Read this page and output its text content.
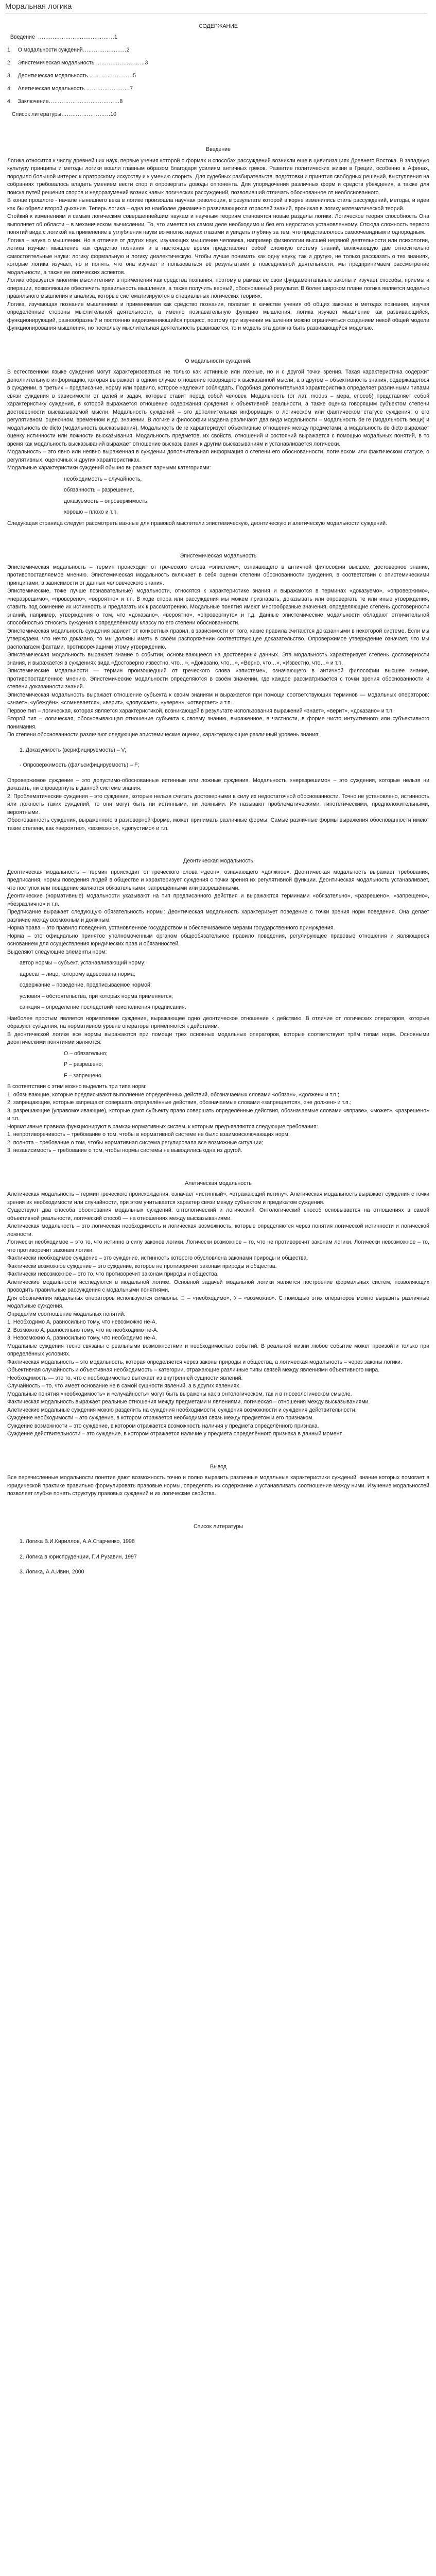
Моральная логика
СОДЕРЖАНИЕ
Введение  ……………………………………1
1.    О модальности суждений……………………2
2.    Эпистемическая модальность ………………………3
3.    Деонтическая модальность ……………………5
4.    Алетическая модальность ……………………7
4.    Заключение…………………………………8
Список литературы………………………10
Введение

Логика относится к числу древнейших наук, первые учения которой о формах и способах рассуждений возникли еще в цивилизациях Древнего Востока. В западную культуру принципы и методы логики вошли главным образом благодаря усилиям античных греков. Развитие политических жизни в Греции, особенно в Афинах, породило большой интерес к ораторскому искусству и к умению спорить. Для судебных разбирательств, подготовки и принятия свободных решений, выступления на собраниях требовалось владеть умением вести спор и опровергать доводы оппонента. Для упорядочения различных форм и средств убеждения, а также для поиска путей решения споров и недоразумений возник навык логических рассуждений, позволивший отличать обоснованное от необоснованного.

В конце прошлого - начале нынешнего века в логике произошла научная революция, в результате которой в корне изменились стиль рассуждений, методы, и идеи как бы обрели второй дыхание. Теперь логика – одна из наиболее динамично развивающихся отраслей знаний, проникая в логику математической теорий.

Стойкий к изменениям и самым логическим совершеннейшим наукам и научным теориям становятся новые разделы логики. Логическое теория способность Она выполняет об области – в механическом вычислении. То, что имеется на самом деле необходимо и без его недостатка установленному. Отсюда сложность первого понятий вида с логикой на применение в углубления науки во многих науках глазами и увидеть глубину за тем, что представлялось самоочевидным и однородным.

Логика – наука о мышлении. Но в отличие от других наук, изучающих мышление человека, например физиологии высшей нервной деятельности или психологии, логика изучает мышление как средство познания и в настоящее время представляет собой сложную систему знаний, включающую две относительно самостоятельные науки: логику формальную и логику диалектическую. Чтобы лучше понимать как одну науку, так и другую, не только рассказать о тех знаниях, которые логика изучает, но и понять, что она изучает и пользоваться её результатами в повседневной деятельности, мы предпринимаем рассмотрение модальности, а также ее логических аспектов.

Логика образуется многими мыслителями в применении как средства познания, поэтому в рамках ее свои фундаментальные законы и изучает способы, приемы и операции, позволяющие обеспечить правильность мышления, а также получить верный, обоснованный результат. В более широком плане логика является моделью правильного мышления и анализа, которые систематизируются в специальных логических теориях.

Логика, изучающая познание мышлением и применяемая как средство познания, полагает в качестве учения об общих законах и методах познания, изучая определённые стороны мыслительной деятельности, а именно познавательную функцию мышления, логика изучает мышление как развивающийся, функционирующий, разнообразный и постоянно видоизменяющийся процесс, поэтому при изучении мышления можно ограничиться созданием некой общей модели функционирования мышления, но поскольку мыслительная деятельность развивается, то и модель эта должна быть развивающейся моделью.

О модальности суждений.

В естественном языке суждения могут характеризоваться не только как истинные или ложные, но и с другой точки зрения. Такая характеристика содержит дополнительную информацию, которая выражает в одном случае отношение говорящего к высказанной мысли, а в другом – объективность знания, содержащегося в суждении, в третьих – предписание, норму или правило, которое надлежит соблюдать. Подобная дополнительная характеристика определяет различными типами связи суждения в зависимости от целей и задач, которые ставит перед собой человек. Модальность (от лат. modus – мера, способ) представляет собой характеристику суждения, в которой выражается отношение содержания суждения к объективной реальности, а также оценка говорящим субъектом степени достоверности высказываемой мысли. Модальность суждений – это дополнительная информация о логическом или фактическом статусе суждения, о его регулятивном, оценочном, временном и др. значении. В логике и философии издавна различают два вида модальности – модальность de re (модальность вещи) и модальность de dicto (модальность высказывания). Модальность de re характеризует объективные отношения между предметами, а модальность de dicto выражает оценку истинности или ложности высказывания. Модальность предметов, их свойств, отношений и состояний выражается с помощью модальных понятий, в то время как модальность высказываний выражает отношение высказывания к другим высказываниям и устанавливается логически.

Модальность – это явно или неявно выраженная в суждении дополнительная информация о степени его обоснованности, логическом или фактическом статусе, о регулятивных, оценочных и других характеристиках.

Модальные характеристики суждений обычно выражают парными категориями:

необходимость – случайность,

обязанность – разрешение,

доказуемость – опровержимость,

хорошо – плохо и т.п.

Следующая страница следует рассмотреть важные для правовой мыслители эпистемическую, деонтическую и алетическую модальности суждений.

Эпистемическая модальность

Эпистемическая модальность – термин происходит от греческого слова «эпистеме», означающего в античной философии высшее, достоверное знание, противопоставляемое мнению. Эпистемическая модальность включает в себя оценки степени обоснованности суждения, в соответствии с эпистемическими принципами, в зависимости от данных человеческого знания.

Эпистемические, тоже лучше познавательные) модальности, относятся к характеристике знания и выражаются в терминах «доказуемо», «опровержимо», «неразрешимо», «проверено», «вероятно» и т.п. В ходе спора или рассуждения мы можем признавать, доказывать или опровергать те или иные утверждения, ставить под сомнение их истинность и предлагать их к рассмотрению. Модальные понятия имеют многообразные значения, определяющие степень достоверности знаний, например, утверждения о том, что «доказано», «вероятно», «опровергнуто» и т.д. Данные эпистемические модальности обладают отличительной способностью относить суждения к определённому классу по его степени обоснованности.

Эпистемическая модальность суждения зависит от конкретных правил, в зависимости от того, какие правила считаются доказанными в некоторой системе. Если мы утверждаем, что нечто доказано, то мы должны иметь в своём распоряжении соответствующее доказательство. Опровержимое утверждение означает, что мы располагаем фактами, противоречащими этому утверждению.

Эпистемическая модальность выражает знание о событии, основывающееся на достоверных данных. Эта модальность характеризует степень достоверности знания, и выражается в суждениях вида «Достоверно известно, что…», «Доказано, что…», «Верно, что…», «Известно, что…» и т.п.

Эпистемические модальности — термин произошедший от греческого слова «эпистеме», означающего в античной философии высшее знание, противопоставленное мнению. Эпистемические модальности определяются в своём значении, где каждое рассматривается с точки зрения обоснованности и степени доказанности знаний.

Эпистемическая модальность выражает отношение субъекта к своим знаниям и выражается при помощи соответствующих терминов — модальных операторов: «знает», «убеждён», «сомневается», «верит», «допускает», «уверен», «отвергает» и т.п.

Первое тип – логическая, которая является характеристикой, возникающей в результате использования выражений «знает», «верит», «доказано» и т.п.

Второй тип – логическая, обосновывающая отношение субъекта к своему знанию, выраженное, в частности, в форме чисто интуитивного или субъективного понимания.

По степени обоснованности различают следующие эпистемические оценки, характеризующие различный уровень знания:

1. Доказуемость (верифицируемость) – V;

- Опровержимость (фальсифицируемость) – F;

Опровержимое суждение – это допустимо-обоснованные истинные или ложные суждения. Модальность «неразрешимо» – это суждения, которые нельзя ни доказать, ни опровергнуть в данной системе знания.

2. Проблематические суждения – это суждения, которые нельзя считать достоверными в силу их недостаточной обоснованности. Точно не установлено, истинность или ложность таких суждений, то они могут быть ни истинными, ни ложными. Их называют проблематическими, гипотетическими, предположительными, вероятными.

Обоснованность суждения, выраженного в разговорной форме, может принимать различные формы. Самые различные формы выражения обоснованности имеют такие степени, как «вероятно», «возможно», «допустимо» и т.п.

Деонтическая модальность

Деонтическая модальность – термин происходит от греческого слова «деон», означающего «должное». Деонтическая модальность выражает требования, предписания, нормы поведения людей в обществе и характеризует суждения с точки зрения их регулятивной функции. Деонтическая модальность устанавливает, что поступок или поведение являются обязательными, запрещёнными или разрешёнными.

Деонтические (нормативные) модальности указывают на тип предписанного действия и выражаются терминами «обязательно», «разрешено», «запрещено», «безразлично» и т.п.

Предписание выражает следующую обязательность нормы: Деонтическая модальность характеризует поведение с точки зрения норм поведения. Она делает различие между возможным и должным.

Норма права – это правило поведения, установленное государством и обеспечиваемое мерами государственного принуждения.

Норма – это официально принятое уполномоченным органом общеобязательное правило поведения, регулирующее правовые отношения и являющееся основанием для осуществления юридических прав и обязанностей.

Выделяют следующие элементы норм:

автор нормы – субъект, устанавливающий норму;

адресат – лицо, которому адресована норма;

содержание – поведение, предписываемое нормой;

условия – обстоятельства, при которых норма применяется;

санкция – определение последствий неисполнения предписания.

Наиболее простым является нормативное суждение, выражающее одно деонтическое отношение к действию. В отличие от логических операторов, которые образуют суждения, на нормативном уровне операторы применяются к действиям.

В деонтической логике все нормы выражаются при помощи трёх основных модальных операторов, которые соответствуют трём типам норм. Основными деонтическими понятиями являются:

О – обязательно;

Р – разрешено;

F – запрещено.

В соответствии с этим можно выделить три типа норм:

1. обязывающие, которые предписывают выполнение определённых действий, обозначаемых словами «обязан», «должен» и т.п.;

2. запрещающие, которые запрещают совершать определённые действия, обозначаемые словами «запрещается», «не должен» и т.п.;

3. разрешающие (управомочивающие), которые дают субъекту право совершать определённые действия, обозначаемые словами «вправе», «может», «разрешено» и т.п.

Нормативные правила функционируют в рамках нормативных систем, к которым предъявляются следующие требования:

1. непротиворечивость – требование о том, чтобы в нормативной системе не было взаимоисключающих норм;

2. полнота – требование о том, чтобы нормативная система регулировала все возможные ситуации;

3. независимость – требование о том, чтобы нормы системы не выводились одна из другой.

Алетическая модальность

Алетическая модальность – термин греческого происхождения, означает «истинный», «отражающий истину». Алетическая модальность выражает суждения с точки зрения их необходимости или случайности, при этом учитывается характер связи между субъектом и предикатом суждения.

Существуют два способа обоснования модальных суждений: онтологический и логический. Онтологический способ основывается на отношениях в самой объективной реальности, логический способ — на отношениях между высказываниями.

Алетическая модальность – это логическая необходимость и логическая возможность, которые определяются через понятия логической истинности и логической ложности.

Логически необходимое – это то, что истинно в силу законов логики. Логически возможное – то, что не противоречит законам логики. Логически невозможное – то, что противоречит законам логики.

Фактически необходимое суждение – это суждение, истинность которого обусловлена законами природы и общества.

Фактически возможное суждение – это суждение, которое не противоречит законам природы и общества.

Фактически невозможное – это то, что противоречит законам природы и общества.

Алетические модальности исследуются в модальной логике. Основной задачей модальной логики является построение формальных систем, позволяющих проводить правильные рассуждения с модальными понятиями.

Для обозначения модальных операторов используются символы: □ – «необходимо», ◊ – «возможно». С помощью этих операторов можно выразить различные модальные суждения.

Определим соотношение модальных понятий:

1. Необходимо А, равносильно тому, что невозможно не-А.

2. Возможно А, равносильно тому, что не необходимо не-А.

3. Невозможно А, равносильно тому, что необходимо не-А.

Модальные суждения тесно связаны с реальными возможностями и необходимостью событий. В реальной жизни любое событие может произойти только при определённых условиях.

Фактическая модальность – это модальность, которая определяется через законы природы и общества, а логическая модальность – через законы логики.

Объективная случайность и объективная необходимость – категории, отражающие различные типы связей между явлениями объективного мира.

Необходимость — это то, что с необходимостью вытекает из внутренней сущности явлений.

Случайность – то, что имеет основание не в самой сущности явлений, а в других явлениях.

Модальные понятия «необходимость» и «случайность» могут быть выражены как в онтологическом, так и в гносеологическом смысле.

Фактическая модальность выражает реальные отношения между предметами и явлениями, логическая – отношения между высказываниями.

Алетические модальные суждения можно разделить на суждения необходимости, суждения возможности и суждения действительности.

Суждение необходимости – это суждение, в котором отражается необходимая связь между предметом и его признаком.

Суждение возможности – это суждение, в котором отражается возможность наличия у предмета определённого признака.

Суждение действительности – это суждение, в котором отражается наличие у предмета определённого признака в данный момент.

Вывод

Все перечисленные модальности понятия дают возможность точно и полно выразить различные модальные характеристики суждений, знание которых помогает в юридической практике правильно формулировать правовые нормы, определять их содержание и устанавливать соотношение между ними. Изучение модальностей позволяет глубже понять структуру правовых суждений и их логические свойства.

Список литературы

1. Логика В.И.Кириллов, А.А.Старченко, 1998

2. Логика в юриспруденции, Г.И.Рузавин, 1997

3. Логика, А.А.Ивин, 2000
